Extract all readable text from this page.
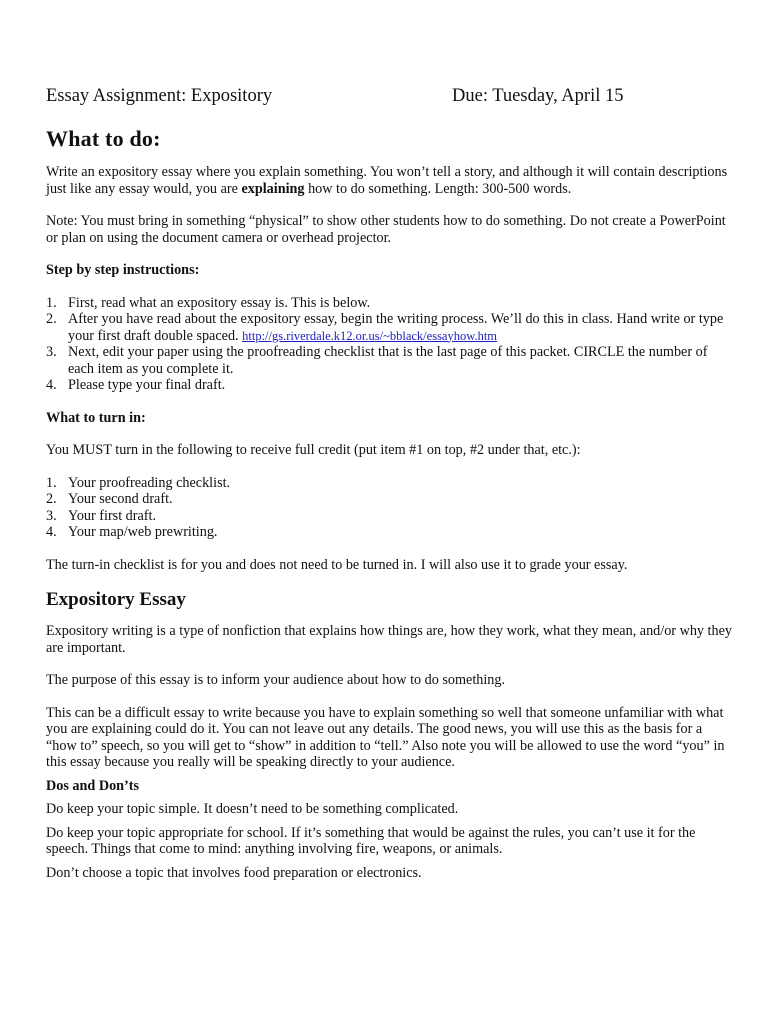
Essay Assignment: Expository	Due: Tuesday, April 15
What to do:

Write an expository essay where you explain something. You won’t tell a story, and although it will contain descriptions just like any essay would, you are explaining how to do something. Length: 300-500 words.

Note: You must bring in something “physical” to show other students how to do something. Do not create a PowerPoint or plan on using the document camera or overhead projector.

Step by step instructions:
1. First, read what an expository essay is. This is below.
2. After you have read about the expository essay, begin the writing process. We’ll do this in class. Hand write or type your first draft double spaced. http://gs.riverdale.k12.or.us/~bblack/essayhow.htm
3. Next, edit your paper using the proofreading checklist that is the last page of this packet. CIRCLE the number of each item as you complete it.
4. Please type your final draft.
What to turn in:

You MUST turn in the following to receive full credit (put item #1 on top, #2 under that, etc.):

1. Your proofreading checklist.
2. Your second draft.
3. Your first draft.
4. Your map/web prewriting.

The turn-in checklist is for you and does not need to be turned in. I will also use it to grade your essay.

Expository Essay

Expository writing is a type of nonfiction that explains how things are, how they work, what they mean, and/or why they are important.

The purpose of this essay is to inform your audience about how to do something.

This can be a difficult essay to write because you have to explain something so well that someone unfamiliar with what you are explaining could do it. You can not leave out any details. The good news, you will use this as the basis for a “how to” speech, so you will get to “show” in addition to “tell.” Also note you will be allowed to use the word “you” in this essay because you really will be speaking directly to your audience.

Dos and Don’ts

Do keep your topic simple. It doesn’t need to be something complicated.

Do keep your topic appropriate for school. If it’s something that would be against the rules, you can’t use it for the speech. Things that come to mind: anything involving fire, weapons, or animals.

Don’t choose a topic that involves food preparation or electronics.
